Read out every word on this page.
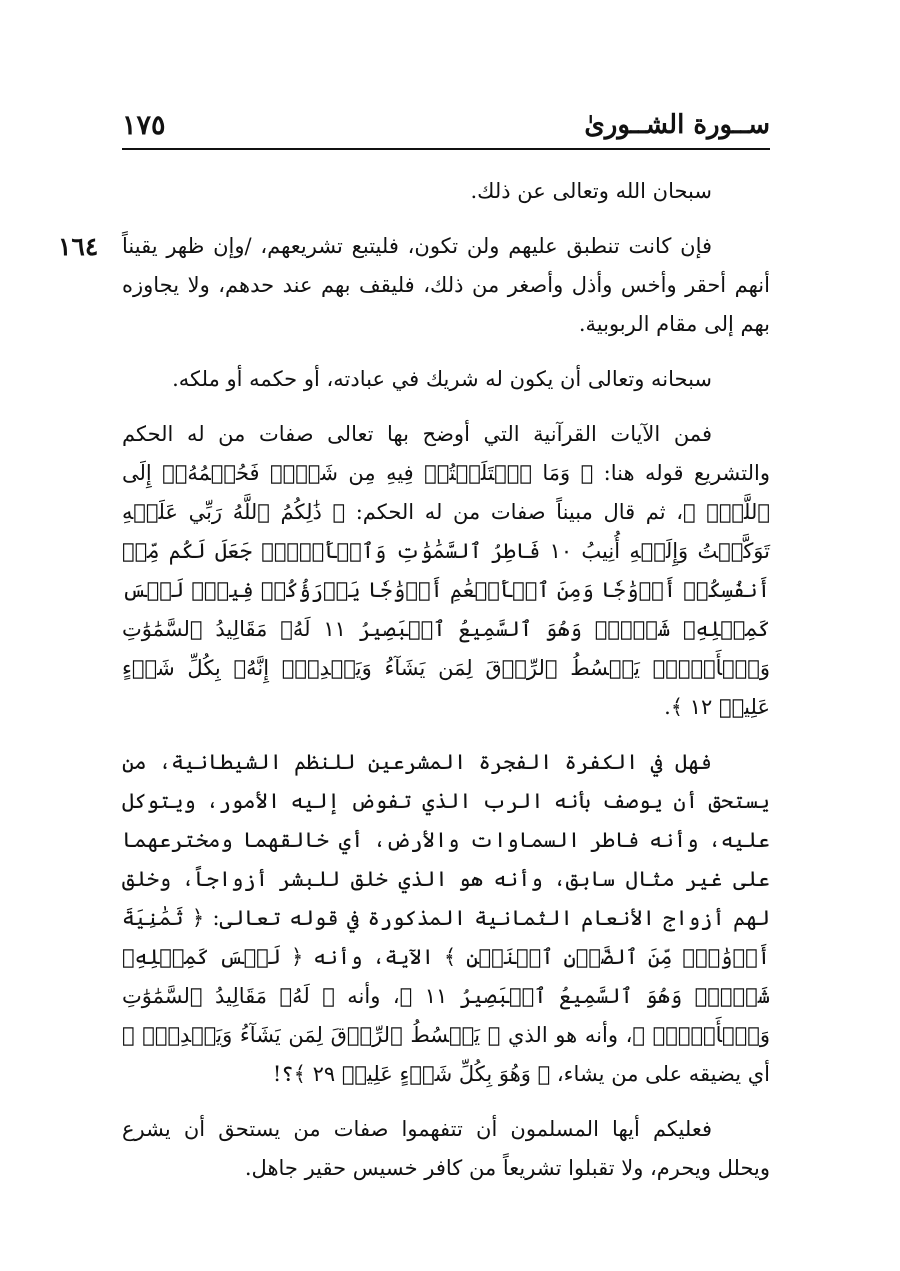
ســورة الشــورىٰ
١٧٥
١٦٤

سبحان الله وتعالى عن ذلك.

فإن كانت تنطبق عليهم ولن تكون، فليتبع تشريعهم، /وإن ظهر يقيناً أنهم أحقر وأخس وأذل وأصغر من ذلك، فليقف بهم عند حدهم، ولا يجاوزه بهم إلى مقام الربوبية.

سبحانه وتعالى أن يكون له شريك في عبادته، أو حكمه أو ملكه.

فمن الآيات القرآنية التي أوضح بها تعالى صفات من له الحكم والتشريع قوله هنا: ﴿ وَمَا ٱخۡتَلَفۡتُمۡ فِيهِ مِن شَيۡءٖ فَحُكۡمُهُۥٓ إِلَى ٱللَّهِۚ ﴾، ثم قال مبيناً صفات من له الحكم: ﴿ ذَٰلِكُمُ ٱللَّهُ رَبِّي عَلَيۡهِ تَوَكَّلۡتُ وَإِلَيۡهِ أُنِيبُ ١٠ فَاطِرُ ٱلسَّمَٰوَٰتِ وَٱلۡأَرۡضِۚ جَعَلَ لَكُم مِّنۡ أَنفُسِكُمۡ أَزۡوَٰجٗا وَمِنَ ٱلۡأَنۡعَٰمِ أَزۡوَٰجٗا يَذۡرَؤُكُمۡ فِيهِۚ لَيۡسَ كَمِثۡلِهِۦ شَيۡءٞۖ وَهُوَ ٱلسَّمِيعُ ٱلۡبَصِيرُ ١١ لَهُۥ مَقَالِيدُ ٱلسَّمَٰوَٰتِ وَٱلۡأَرۡضِۖ يَبۡسُطُ ٱلرِّزۡقَ لِمَن يَشَآءُ وَيَقۡدِرُۚ إِنَّهُۥ بِكُلِّ شَيۡءٍ عَلِيمٞ ١٢ ﴾.

فهل في الكفرة الفجرة المشرعين للنظم الشيطانية، من يستحق أن يوصف بأنه الرب الذي تفوض إليه الأمور، ويتوكل عليه، وأنه فاطر السماوات والأرض، أي خالقهما ومخترعهما على غير مثال سابق، وأنه هو الذي خلق للبشر أزواجاً، وخلق لهم أزواج الأنعام الثمانية المذكورة في قوله تعالى: ﴿ ثَمَٰنِيَةَ أَزۡوَٰجٖۖ مِّنَ ٱلضَّأۡنِ ٱثۡنَيۡنِ ﴾ الآية، وأنه ﴿ لَيۡسَ كَمِثۡلِهِۦ شَيۡءٞۖ وَهُوَ ٱلسَّمِيعُ ٱلۡبَصِيرُ ١١ ﴾، وأنه ﴿ لَهُۥ مَقَالِيدُ ٱلسَّمَٰوَٰتِ وَٱلۡأَرۡضِۖ ﴾، وأنه هو الذي ﴿ يَبۡسُطُ ٱلرِّزۡقَ لِمَن يَشَآءُ وَيَقۡدِرُۚ ﴾ أي يضيقه على من يشاء، ﴿ وَهُوَ بِكُلِّ شَيۡءٍ عَلِيمٞ ٢٩ ﴾؟!

فعليكم أيها المسلمون أن تتفهموا صفات من يستحق أن يشرع ويحلل ويحرم، ولا تقبلوا تشريعاً من كافر خسيس حقير جاهل.
